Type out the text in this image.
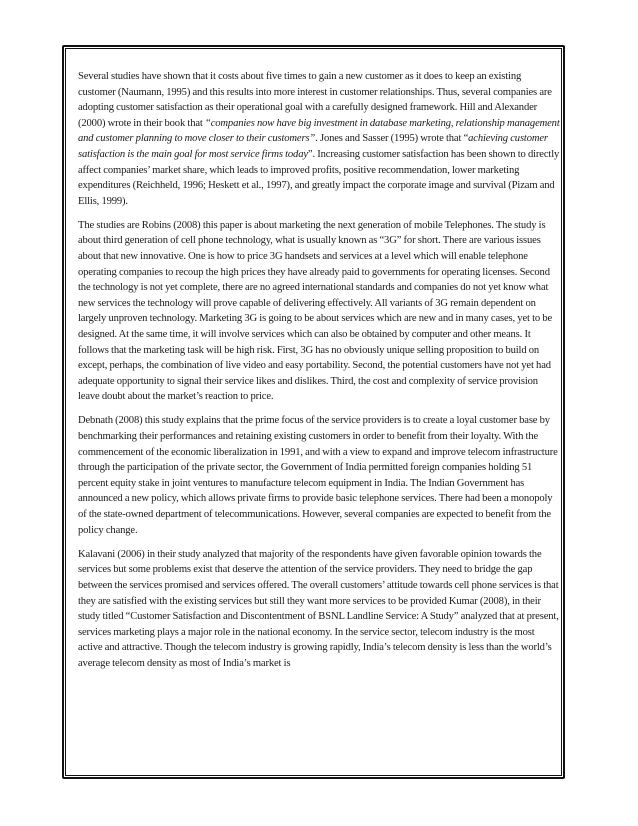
Several studies have shown that it costs about five times to gain a new customer as it does to keep an existing customer (Naumann, 1995) and this results into more interest in customer relationships. Thus, several companies are adopting customer satisfaction as their operational goal with a carefully designed framework. Hill and Alexander (2000) wrote in their book that “companies now have big investment in database marketing, relationship management and customer planning to move closer to their customers”. Jones and Sasser (1995) wrote that “achieving customer satisfaction is the main goal for most service firms today”. Increasing customer satisfaction has been shown to directly affect companies’ market share, which leads to improved profits, positive recommendation, lower marketing expenditures (Reichheld, 1996; Heskett et al., 1997), and greatly impact the corporate image and survival (Pizam and Ellis, 1999).

The studies are Robins (2008) this paper is about marketing the next generation of mobile Telephones. The study is about third generation of cell phone technology, what is usually known as “3G” for short. There are various issues about that new innovative. One is how to price 3G handsets and services at a level which will enable telephone operating companies to recoup the high prices they have already paid to governments for operating licenses. Second the technology is not yet complete, there are no agreed international standards and companies do not yet know what new services the technology will prove capable of delivering effectively. All variants of 3G remain dependent on largely unproven technology. Marketing 3G is going to be about services which are new and in many cases, yet to be designed. At the same time, it will involve services which can also be obtained by computer and other means. It follows that the marketing task will be high risk. First, 3G has no obviously unique selling proposition to build on except, perhaps, the combination of live video and easy portability. Second, the potential customers have not yet had adequate opportunity to signal their service likes and dislikes. Third, the cost and complexity of service provision leave doubt about the market’s reaction to price.

Debnath (2008) this study explains that the prime focus of the service providers is to create a loyal customer base by benchmarking their performances and retaining existing customers in order to benefit from their loyalty. With the commencement of the economic liberalization in 1991, and with a view to expand and improve telecom infrastructure through the participation of the private sector, the Government of India permitted foreign companies holding 51 percent equity stake in joint ventures to manufacture telecom equipment in India. The Indian Government has announced a new policy, which allows private firms to provide basic telephone services. There had been a monopoly of the state-owned department of telecommunications. However, several companies are expected to benefit from the policy change.

Kalavani (2006) in their study analyzed that majority of the respondents have given favorable opinion towards the services but some problems exist that deserve the attention of the service providers. They need to bridge the gap between the services promised and services offered. The overall customers’ attitude towards cell phone services is that they are satisfied with the existing services but still they want more services to be provided Kumar (2008), in their study titled “Customer Satisfaction and Discontentment of BSNL Landline Service: A Study” analyzed that at present, services marketing plays a major role in the national economy. In the service sector, telecom industry is the most active and attractive. Though the telecom industry is growing rapidly, India’s telecom density is less than the world’s average telecom density as most of India’s market is
